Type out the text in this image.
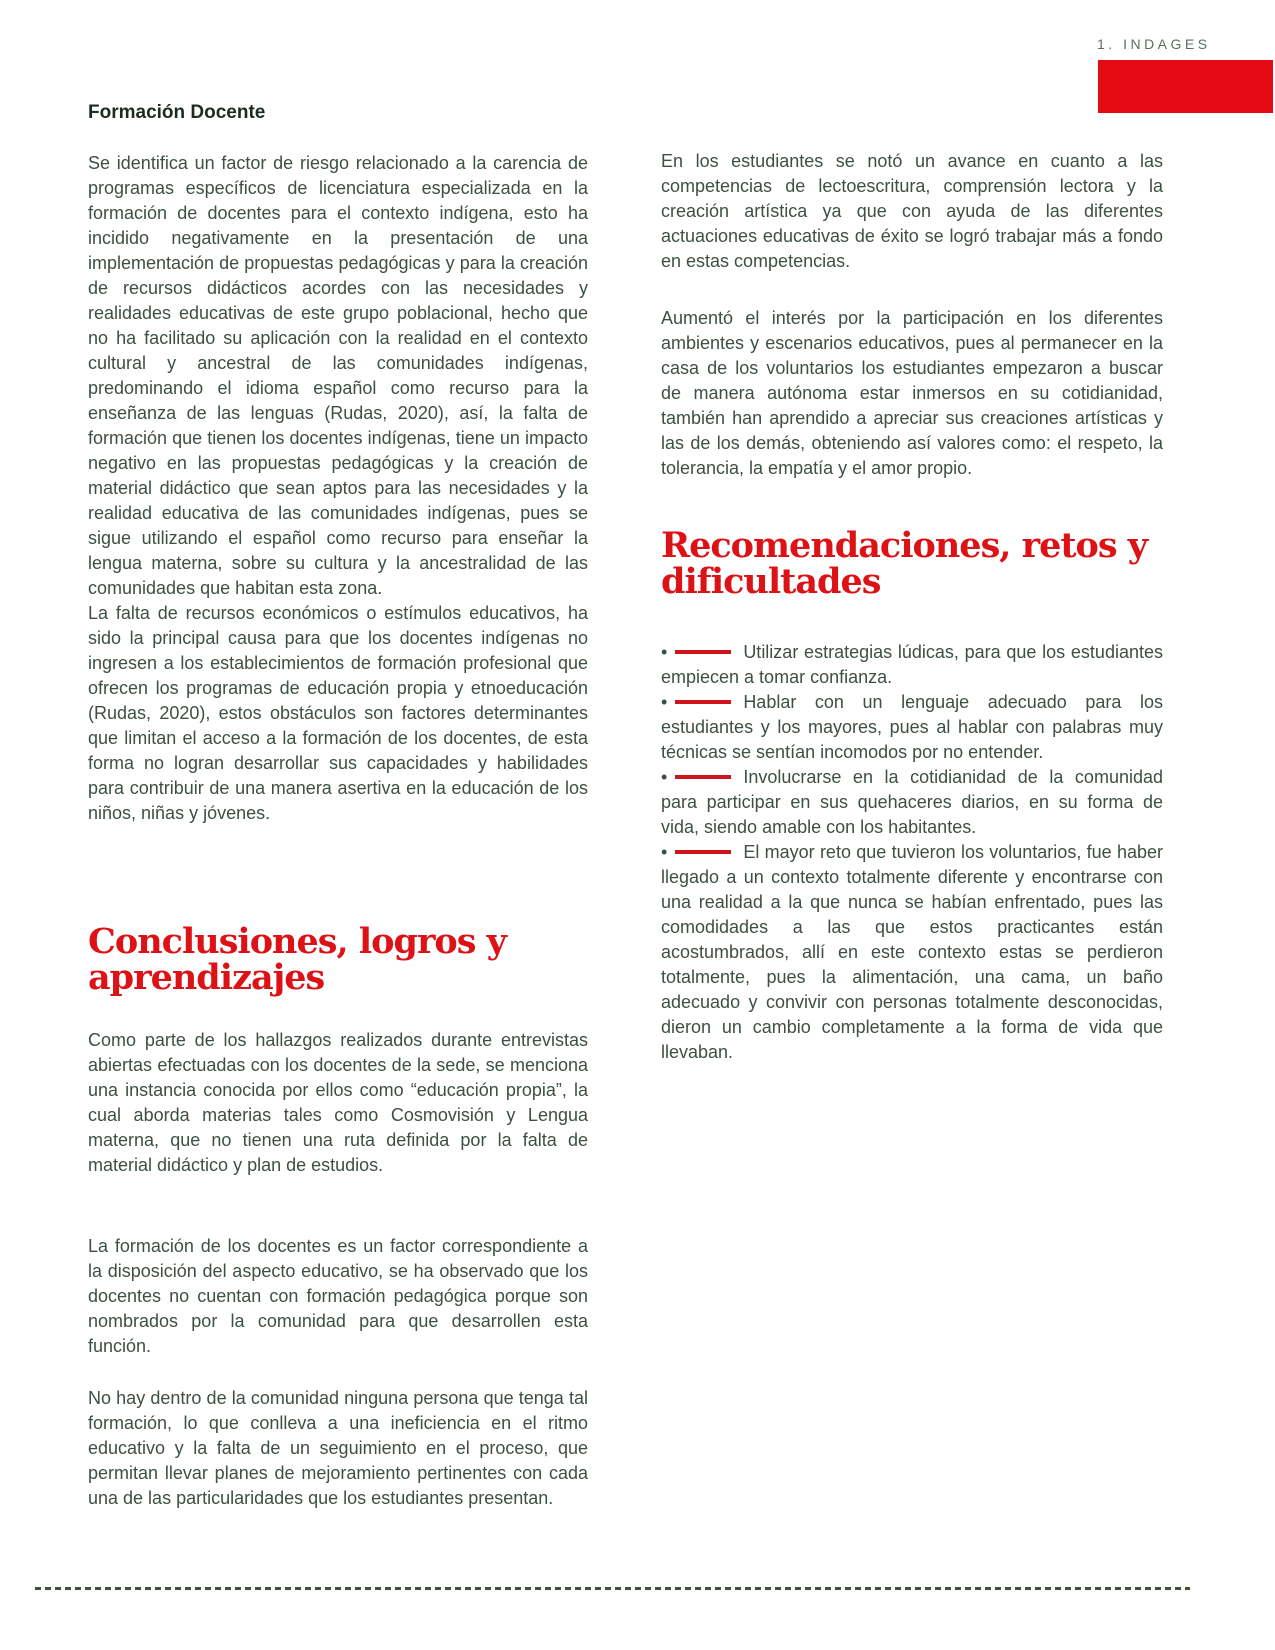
1. INDAGES
Formación Docente

Se identifica un factor de riesgo relacionado a la carencia de programas específicos de licenciatura especializada en la formación de docentes para el contexto indígena, esto ha incidido negativamente en la presentación de una implementación de propuestas pedagógicas y para la creación de recursos didácticos acordes con las necesidades y realidades educativas de este grupo poblacional, hecho que no ha facilitado su aplicación con la realidad en el contexto cultural y ancestral de las comunidades indígenas, predominando el idioma español como recurso para la enseñanza de las lenguas (Rudas, 2020), así, la falta de formación que tienen los docentes indígenas, tiene un impacto negativo en las propuestas pedagógicas y la creación de material didáctico que sean aptos para las necesidades y la realidad educativa de las comunidades indígenas, pues se sigue utilizando el español como recurso para enseñar la lengua materna, sobre su cultura y la ancestralidad de las comunidades que habitan esta zona.

La falta de recursos económicos o estímulos educativos, ha sido la principal causa para que los docentes indígenas no ingresen a los establecimientos de formación profesional que ofrecen los programas de educación propia y etnoeducación (Rudas, 2020), estos obstáculos son factores determinantes que limitan el acceso a la formación de los docentes, de esta forma no logran desarrollar sus capacidades y habilidades para contribuir de una manera asertiva en la educación de los niños, niñas y jóvenes.

Conclusiones, logros y aprendizajes

Como parte de los hallazgos realizados durante entrevistas abiertas efectuadas con los docentes de la sede, se menciona una instancia conocida por ellos como “educación propia”, la cual aborda materias tales como Cosmovisión y Lengua materna, que no tienen una ruta definida por la falta de material didáctico y plan de estudios.

La formación de los docentes es un factor correspondiente a la disposición del aspecto educativo, se ha observado que los docentes no cuentan con formación pedagógica porque son nombrados por la comunidad para que desarrollen esta función.

No hay dentro de la comunidad ninguna persona que tenga tal formación, lo que conlleva a una ineficiencia en el ritmo educativo y la falta de un seguimiento en el proceso, que permitan llevar planes de mejoramiento pertinentes con cada una de las particularidades que los estudiantes presentan.

En los estudiantes se notó un avance en cuanto a las competencias de lectoescritura, comprensión lectora y la creación artística ya que con ayuda de las diferentes actuaciones educativas de éxito se logró trabajar más a fondo en estas competencias.

Aumentó el interés por la participación en los diferentes ambientes y escenarios educativos, pues al permanecer en la casa de los voluntarios los estudiantes empezaron a buscar de manera autónoma estar inmersos en su cotidianidad, también han aprendido a apreciar sus creaciones artísticas y las de los demás, obteniendo así valores como: el respeto, la tolerancia, la empatía y el amor propio.

Recomendaciones, retos y dificultades

•	Utilizar estrategias lúdicas, para que los estudiantes empiecen a tomar confianza.

•	Hablar con un lenguaje adecuado para los estudiantes y los mayores, pues al hablar con palabras muy técnicas se sentían incomodos por no entender.

•	Involucrarse en la cotidianidad de la comunidad para participar en sus quehaceres diarios, en su forma de vida, siendo amable con los habitantes.

•	El mayor reto que tuvieron los voluntarios, fue haber llegado a un contexto totalmente diferente y encontrarse con una realidad a la que nunca se habían enfrentado, pues las comodidades a las que estos practicantes están acostumbrados, allí en este contexto estas se perdieron totalmente, pues la alimentación, una cama, un baño adecuado y convivir con personas totalmente desconocidas, dieron un cambio completamente a la forma de vida que llevaban.
